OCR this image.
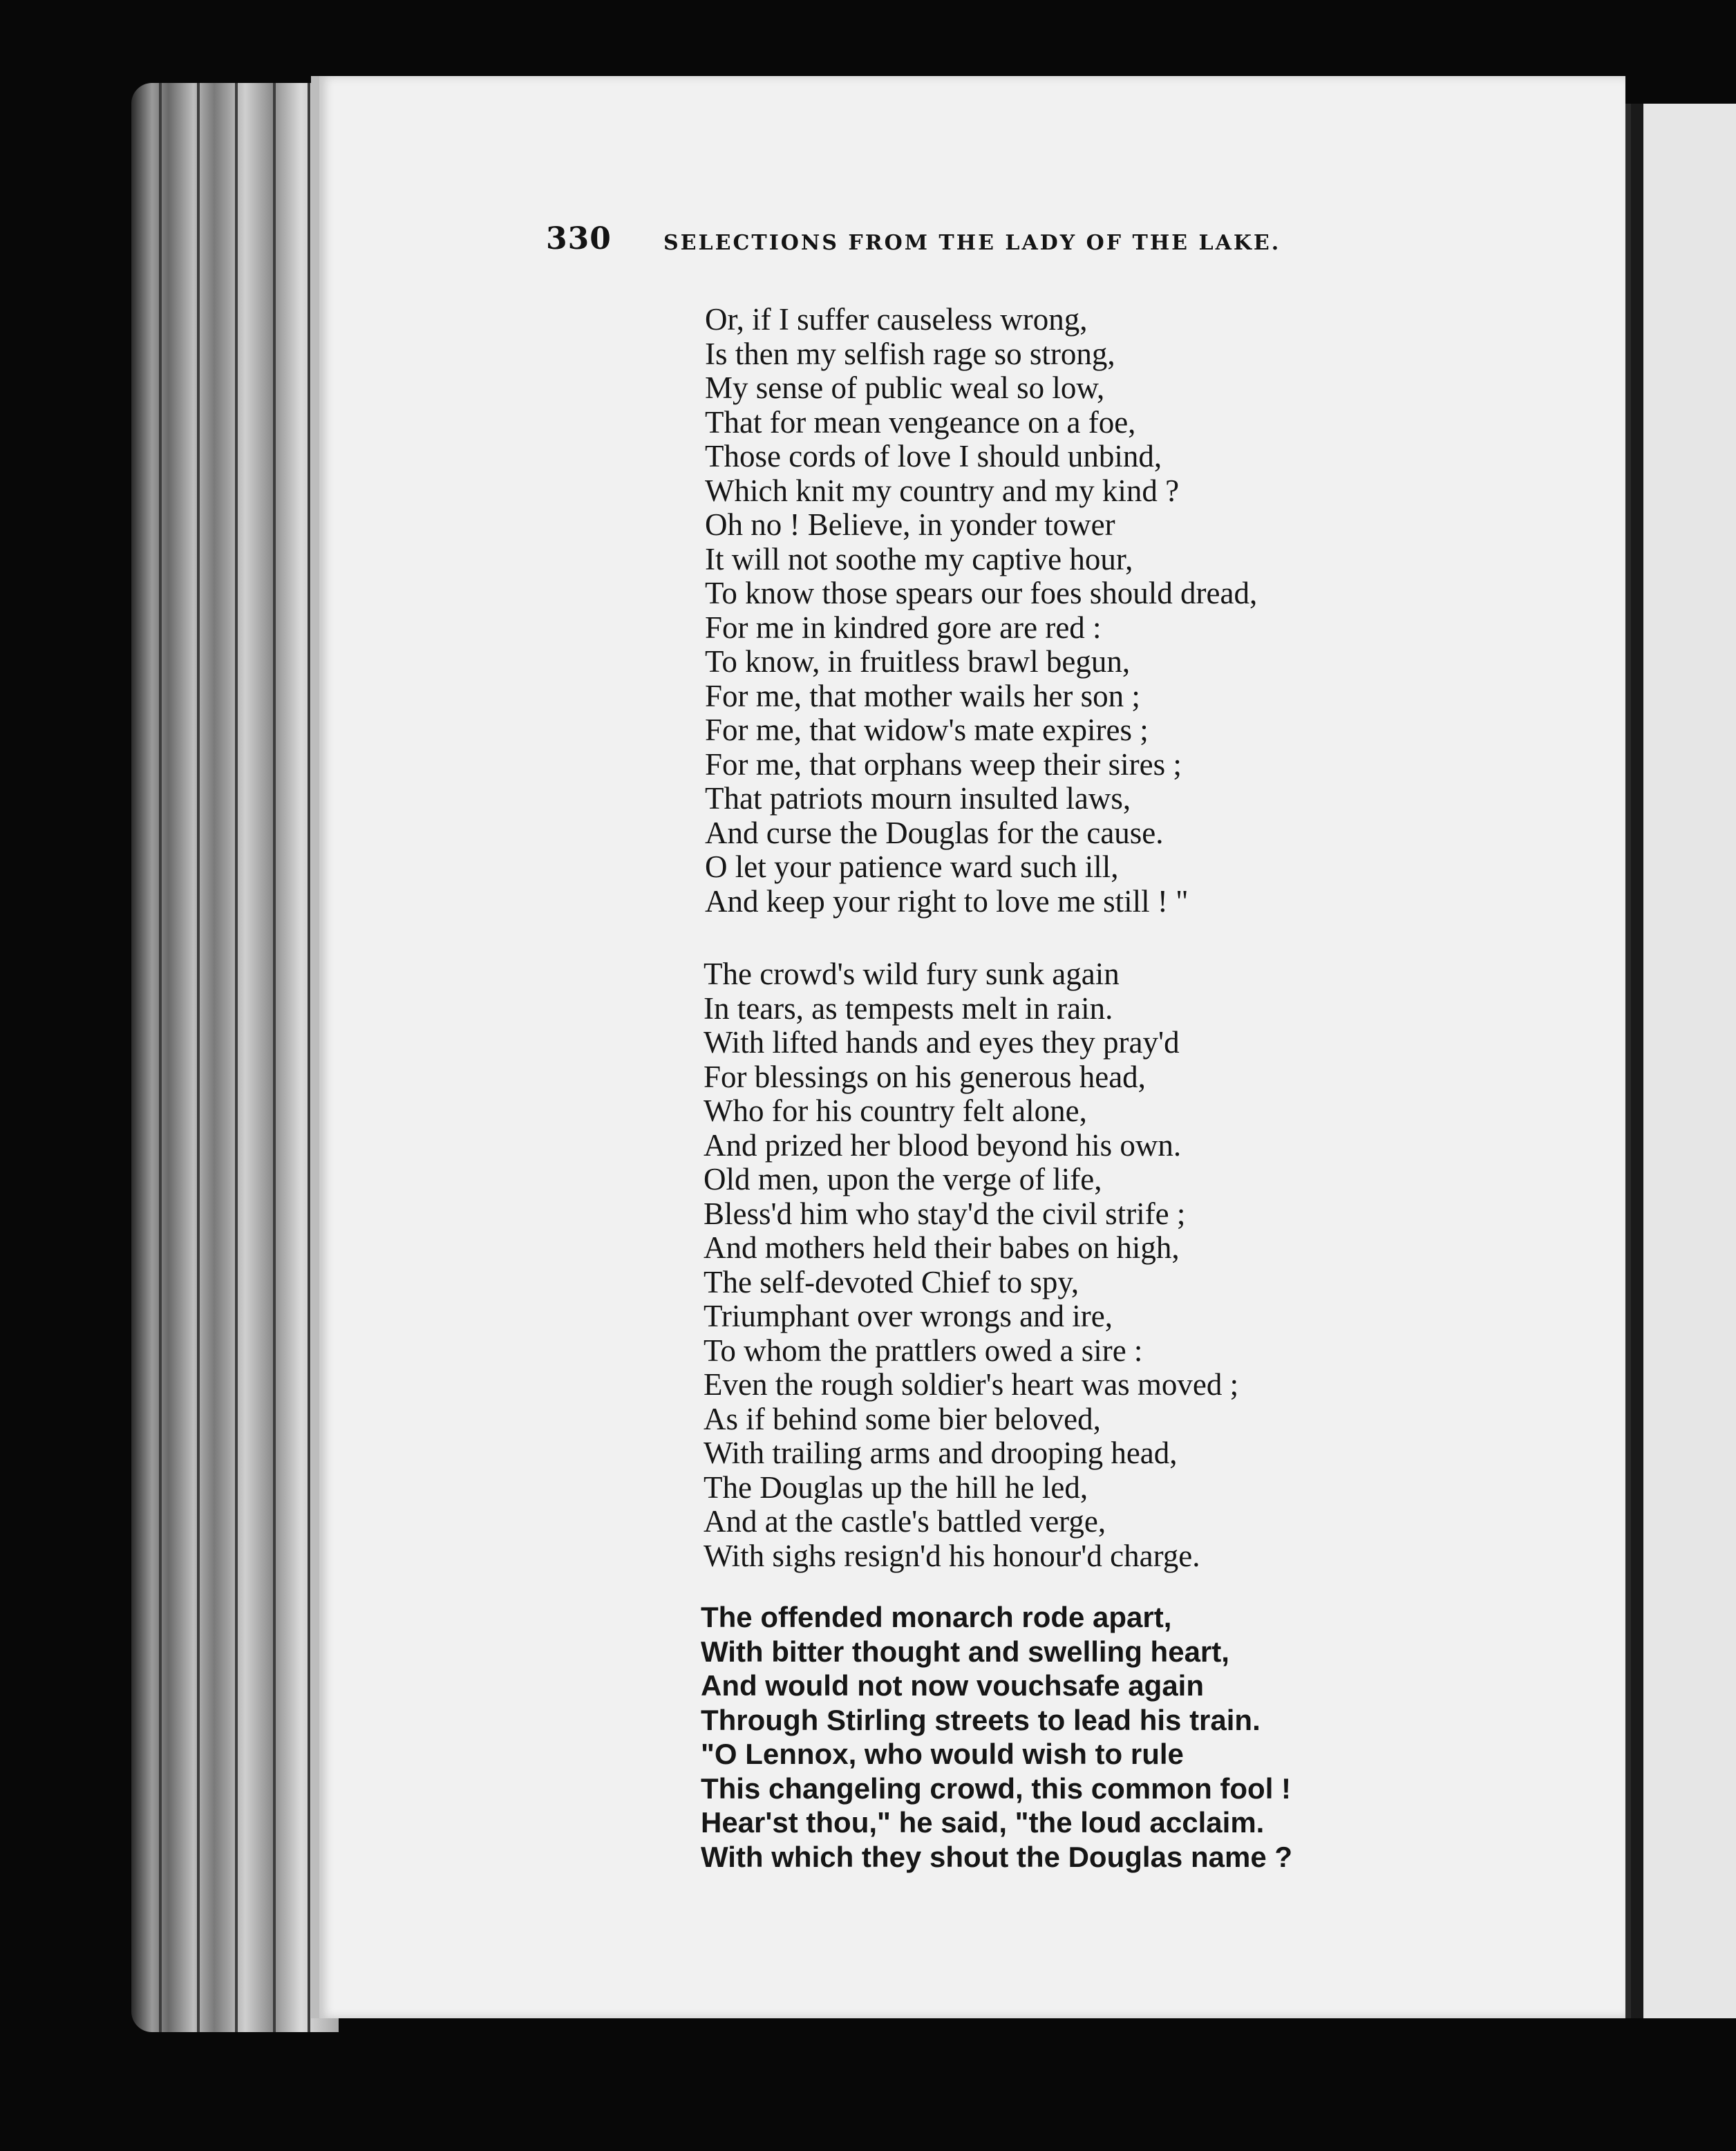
330	SELECTIONS FROM THE LADY OF THE LAKE.
Or, if I suffer causeless wrong,
Is then my selfish rage so strong,
My sense of public weal so low,
That for mean vengeance on a foe,
Those cords of love I should unbind,
Which knit my country and my kind ?
Oh no ! Believe, in yonder tower
It will not soothe my captive hour,
To know those spears our foes should dread,
For me in kindred gore are red :
To know, in fruitless brawl begun,
For me, that mother wails her son ;
For me, that widow's mate expires ;
For me, that orphans weep their sires ;
That patriots mourn insulted laws,
And curse the Douglas for the cause.
O let your patience ward such ill,
And keep your right to love me still ! "
The crowd's wild fury sunk again
In tears, as tempests melt in rain.
With lifted hands and eyes they pray'd
For blessings on his generous head,
Who for his country felt alone,
And prized her blood beyond his own.
Old men, upon the verge of life,
Bless'd him who stay'd the civil strife ;
And mothers held their babes on high,
The self-devoted Chief to spy,
Triumphant over wrongs and ire,
To whom the prattlers owed a sire :
Even the rough soldier's heart was moved ;
As if behind some bier beloved,
With trailing arms and drooping head,
The Douglas up the hill he led,
And at the castle's battled verge,
With sighs resign'd his honour'd charge.
The offended monarch rode apart,
With bitter thought and swelling heart,
And would not now vouchsafe again
Through Stirling streets to lead his train.
"O Lennox, who would wish to rule
This changeling crowd, this common fool !
Hear'st thou," he said, "the loud acclaim.
With which they shout the Douglas name ?
